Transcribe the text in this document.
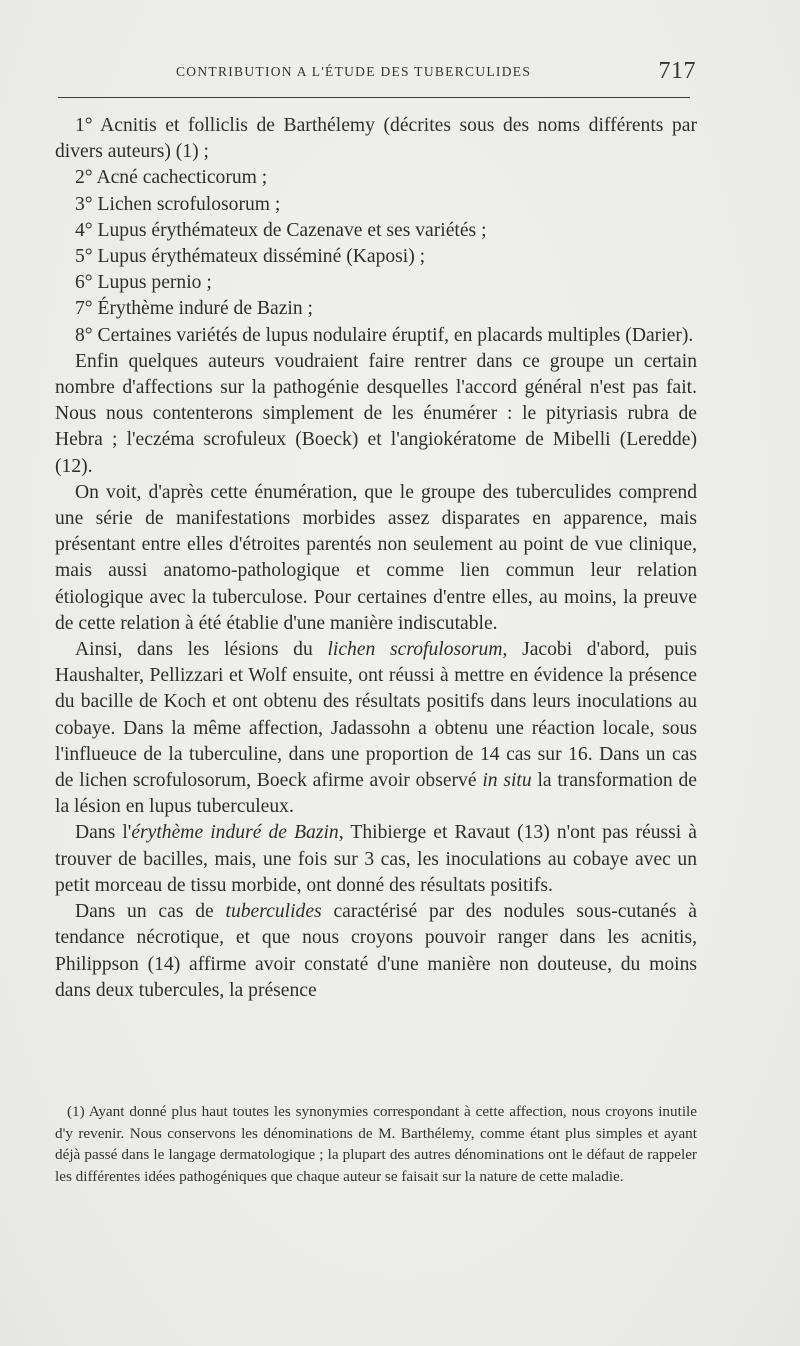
CONTRIBUTION A L'ÉTUDE DES TUBERCULIDES	717

1° Acnitis et folliclis de Barthélemy (décrites sous des noms différents par divers auteurs) (1) ;

2° Acné cachecticorum ;

3° Lichen scrofulosorum ;

4° Lupus érythémateux de Cazenave et ses variétés ;

5° Lupus érythémateux disséminé (Kaposi) ;

6° Lupus pernio ;

7° Érythème induré de Bazin ;

8° Certaines variétés de lupus nodulaire éruptif, en placards multiples (Darier).

Enfin quelques auteurs voudraient faire rentrer dans ce groupe un certain nombre d'affections sur la pathogénie desquelles l'accord général n'est pas fait. Nous nous contenterons simplement de les énumérer : le pityriasis rubra de Hebra ; l'eczéma scrofuleux (Boeck) et l'angiokératome de Mibelli (Leredde) (12).

On voit, d'après cette énumération, que le groupe des tuberculides comprend une série de manifestations morbides assez disparates en apparence, mais présentant entre elles d'étroites parentés non seulement au point de vue clinique, mais aussi anatomo-pathologique et comme lien commun leur relation étiologique avec la tuberculose. Pour certaines d'entre elles, au moins, la preuve de cette relation à été établie d'une manière indiscutable.

Ainsi, dans les lésions du lichen scrofulosorum, Jacobi d'abord, puis Haushalter, Pellizzari et Wolf ensuite, ont réussi à mettre en évidence la présence du bacille de Koch et ont obtenu des résultats positifs dans leurs inoculations au cobaye. Dans la même affection, Jadassohn a obtenu une réaction locale, sous l'influeuce de la tuberculine, dans une proportion de 14 cas sur 16. Dans un cas de lichen scrofulosorum, Boeck afirme avoir observé in situ la transformation de la lésion en lupus tuberculeux.

Dans l'érythème induré de Bazin, Thibierge et Ravaut (13) n'ont pas réussi à trouver de bacilles, mais, une fois sur 3 cas, les inoculations au cobaye avec un petit morceau de tissu morbide, ont donné des résultats positifs.

Dans un cas de tuberculides caractérisé par des nodules sous-cutanés à tendance nécrotique, et que nous croyons pouvoir ranger dans les acnitis, Philippson (14) affirme avoir constaté d'une manière non douteuse, du moins dans deux tubercules, la présence

(1) Ayant donné plus haut toutes les synonymies correspondant à cette affection, nous croyons inutile d'y revenir. Nous conservons les dénominations de M. Barthélemy, comme étant plus simples et ayant déjà passé dans le langage dermatologique ; la plupart des autres dénominations ont le défaut de rappeler les différentes idées pathogéniques que chaque auteur se faisait sur la nature de cette maladie.
